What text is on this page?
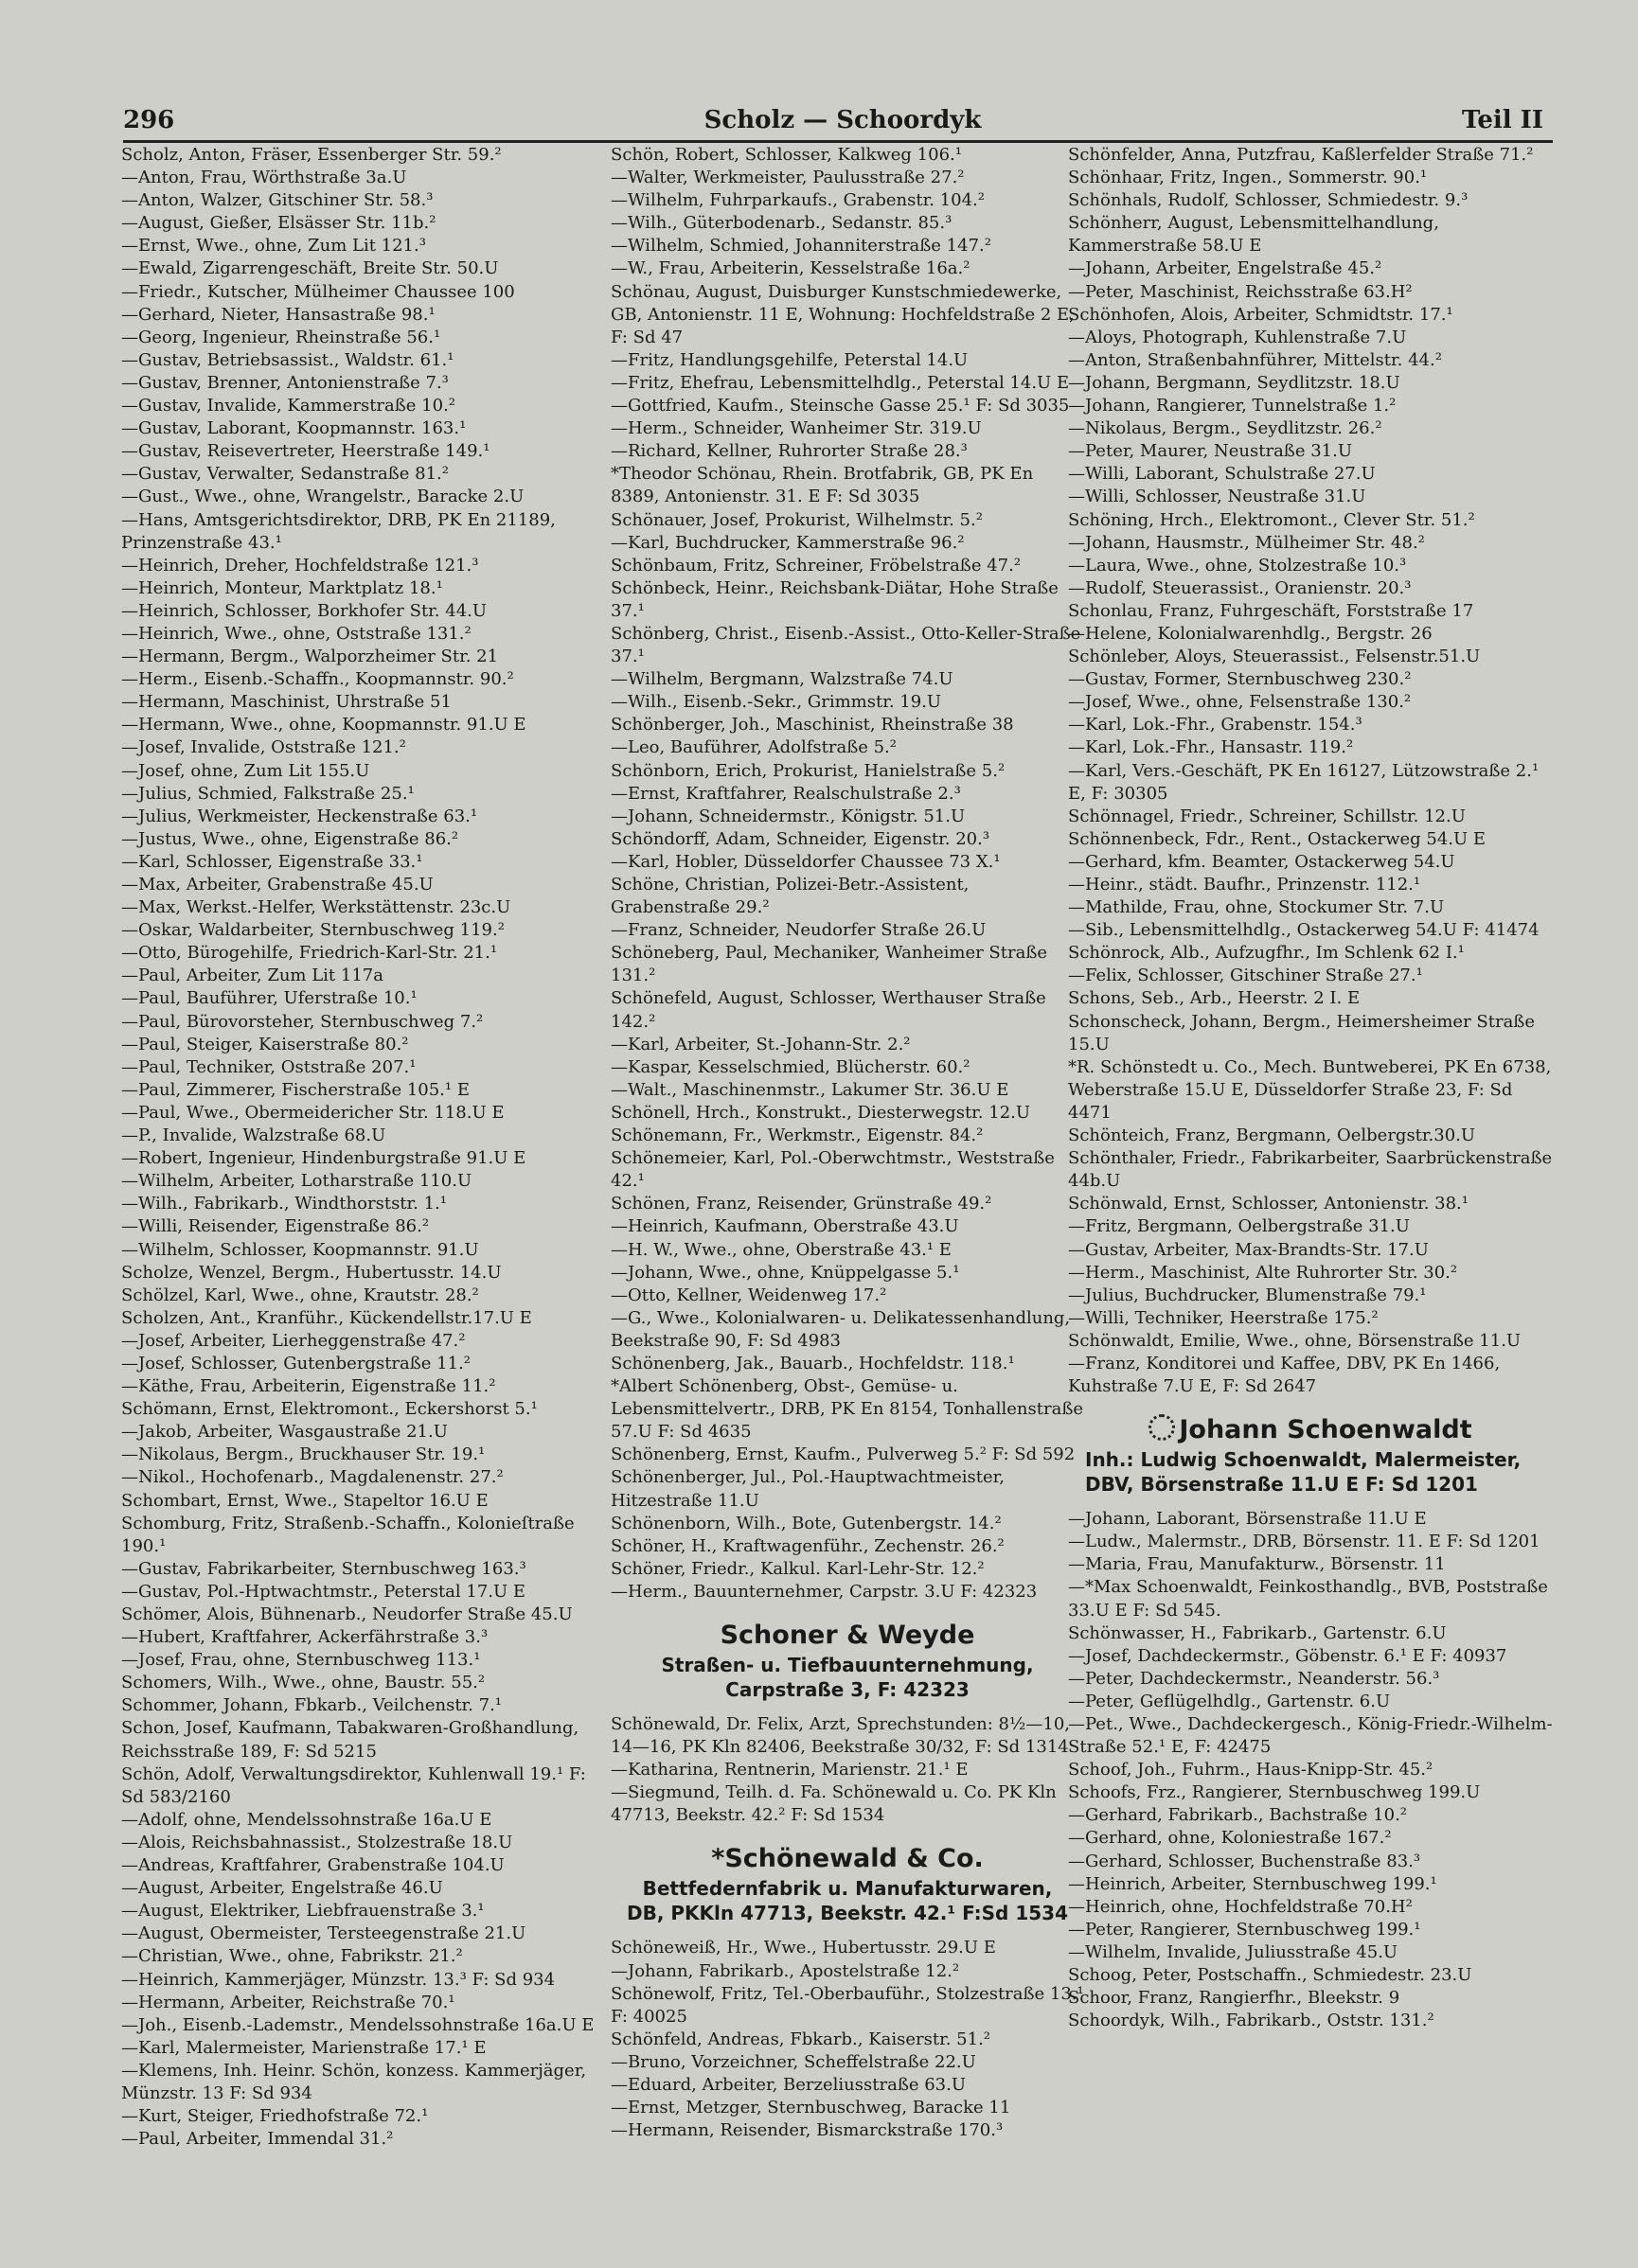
296	Scholz — Schoordyk	Teil II
Scholz, Anton, Fräser, Essenberger Str. 59.²
—Anton, Frau, Wörthstraße 3a.U
—Anton, Walzer, Gitschiner Str. 58.³
—August, Gießer, Elsässer Str. 11b.²
—Ernst, Wwe., ohne, Zum Lit 121.³
—Ewald, Zigarrengeschäft, Breite Str. 50.U
—Friedr., Kutscher, Mülheimer Chaussee 100
—Gerhard, Nieter, Hansastraße 98.¹
—Georg, Ingenieur, Rheinstraße 56.¹
—Gustav, Betriebsassist., Waldstr. 61.¹
—Gustav, Brenner, Antonienstraße 7.³
—Gustav, Invalide, Kammerstraße 10.²
—Gustav, Laborant, Koopmannstr. 163.¹
—Gustav, Reisevertreter, Heerstraße 149.¹
—Gustav, Verwalter, Sedanstraße 81.²
—Gust., Wwe., ohne, Wrangelstr., Baracke 2.U
—Hans, Amtsgerichtsdirektor, DRB, PK En 21189, Prinzenstraße 43.¹
—Heinrich, Dreher, Hochfeldstraße 121.³
—Heinrich, Monteur, Marktplatz 18.¹
—Heinrich, Schlosser, Borkhofer Str. 44.U
—Heinrich, Wwe., ohne, Oststraße 131.²
—Hermann, Bergm., Walporzheimer Str. 21
—Herm., Eisenb.-Schaffn., Koopmannstr. 90.²
—Hermann, Maschinist, Uhrstraße 51
—Hermann, Wwe., ohne, Koopmannstr. 91.U E
—Josef, Invalide, Oststraße 121.²
—Josef, ohne, Zum Lit 155.U
—Julius, Schmied, Falkstraße 25.¹
—Julius, Werkmeister, Heckenstraße 63.¹
—Justus, Wwe., ohne, Eigenstraße 86.²
—Karl, Schlosser, Eigenstraße 33.¹
—Max, Arbeiter, Grabenstraße 45.U
—Max, Werkst.-Helfer, Werkstättenstr. 23c.U
—Oskar, Waldarbeiter, Sternbuschweg 119.²
—Otto, Bürogehilfe, Friedrich-Karl-Str. 21.¹
—Paul, Arbeiter, Zum Lit 117a
—Paul, Bauführer, Uferstraße 10.¹
—Paul, Bürovorsteher, Sternbuschweg 7.²
—Paul, Steiger, Kaiserstraße 80.²
—Paul, Techniker, Oststraße 207.¹
—Paul, Zimmerer, Fischerstraße 105.¹ E
—Paul, Wwe., Obermeidericher Str. 118.U E
—P., Invalide, Walzstraße 68.U
—Robert, Ingenieur, Hindenburgstraße 91.U E
—Wilhelm, Arbeiter, Lotharstraße 110.U
—Wilh., Fabrikarb., Windthorststr. 1.¹
—Willi, Reisender, Eigenstraße 86.²
—Wilhelm, Schlosser, Koopmannstr. 91.U
Scholze, Wenzel, Bergm., Hubertusstr. 14.U
Schölzel, Karl, Wwe., ohne, Krautstr. 28.²
Scholzen, Ant., Kranführ., Kückendellstr.17.U E
—Josef, Arbeiter, Lierheggenstraße 47.²
—Josef, Schlosser, Gutenbergstraße 11.²
—Käthe, Frau, Arbeiterin, Eigenstraße 11.²
Schömann, Ernst, Elektromont., Eckershorst 5.¹
—Jakob, Arbeiter, Wasgaustraße 21.U
—Nikolaus, Bergm., Bruckhauser Str. 19.¹
—Nikol., Hochofenarb., Magdalenenstr. 27.²
Schombart, Ernst, Wwe., Stapeltor 16.U E
Schomburg, Fritz, Straßenb.-Schaffn., Kolonieſtraße 190.¹
—Gustav, Fabrikarbeiter, Sternbuschweg 163.³
—Gustav, Pol.-Hptwachtmstr., Peterstal 17.U E
Schömer, Alois, Bühnenarb., Neudorfer Straße 45.U
—Hubert, Kraftfahrer, Ackerfährstraße 3.³
—Josef, Frau, ohne, Sternbuschweg 113.¹
Schomers, Wilh., Wwe., ohne, Baustr. 55.²
Schommer, Johann, Fbkarb., Veilchenstr. 7.¹
Schon, Josef, Kaufmann, Tabakwaren-Großhandlung, Reichsstraße 189, F: Sd 5215
Schön, Adolf, Verwaltungsdirektor, Kuhlenwall 19.¹ F: Sd 583/2160
—Adolf, ohne, Mendelssohnstraße 16a.U E
—Alois, Reichsbahnassist., Stolzestraße 18.U
—Andreas, Kraftfahrer, Grabenstraße 104.U
—August, Arbeiter, Engelstraße 46.U
—August, Elektriker, Liebfrauenstraße 3.¹
—August, Obermeister, Tersteegenstraße 21.U
—Christian, Wwe., ohne, Fabrikstr. 21.²
—Heinrich, Kammerjäger, Münzstr. 13.³ F: Sd 934
—Hermann, Arbeiter, Reichstraße 70.¹
—Joh., Eisenb.-Lademstr., Mendelssohnstraße 16a.U E
—Karl, Malermeister, Marienstraße 17.¹ E
—Klemens, Inh. Heinr. Schön, konzess. Kammerjäger, Münzstr. 13 F: Sd 934
—Kurt, Steiger, Friedhofstraße 72.¹
—Paul, Arbeiter, Immendal 31.²
Schön, Robert, Schlosser, Kalkweg 106.¹
—Walter, Werkmeister, Paulusstraße 27.²
—Wilhelm, Fuhrparkaufs., Grabenstr. 104.²
—Wilh., Güterbodenarb., Sedanstr. 85.³
—Wilhelm, Schmied, Johanniterstraße 147.²
—W., Frau, Arbeiterin, Kesselstraße 16a.²
Schönau, August, Duisburger Kunstschmiedewerke, GB, Antonienstr. 11 E, Wohnung: Hochfeldstraße 2 E, F: Sd 47
—Fritz, Handlungsgehilfe, Peterstal 14.U
—Fritz, Ehefrau, Lebensmittelhdlg., Peterstal 14.U E
—Gottfried, Kaufm., Steinsche Gasse 25.¹ F: Sd 3035
—Herm., Schneider, Wanheimer Str. 319.U
—Richard, Kellner, Ruhrorter Straße 28.³
*Theodor Schönau, Rhein. Brotfabrik, GB, PK En 8389, Antonienstr. 31. E F: Sd 3035
Schönauer, Josef, Prokurist, Wilhelmstr. 5.²
—Karl, Buchdrucker, Kammerstraße 96.²
Schönbaum, Fritz, Schreiner, Fröbelstraße 47.²
Schönbeck, Heinr., Reichsbank-Diätar, Hohe Straße 37.¹
Schönberg, Christ., Eisenb.-Assist., Otto-Keller-Straße 37.¹
—Wilhelm, Bergmann, Walzstraße 74.U
—Wilh., Eisenb.-Sekr., Grimmstr. 19.U
Schönberger, Joh., Maschinist, Rheinstraße 38
—Leo, Bauführer, Adolfstraße 5.²
Schönborn, Erich, Prokurist, Hanielstraße 5.²
—Ernst, Kraftfahrer, Realschulstraße 2.³
—Johann, Schneidermstr., Königstr. 51.U
Schöndorff, Adam, Schneider, Eigenstr. 20.³
—Karl, Hobler, Düsseldorfer Chaussee 73 X.¹
Schöne, Christian, Polizei-Betr.-Assistent, Grabenstraße 29.²
—Franz, Schneider, Neudorfer Straße 26.U
Schöneberg, Paul, Mechaniker, Wanheimer Straße 131.²
Schönefeld, August, Schlosser, Werthauser Straße 142.²
—Karl, Arbeiter, St.-Johann-Str. 2.²
—Kaspar, Kesselschmied, Blücherstr. 60.²
—Walt., Maschinenmstr., Lakumer Str. 36.U E
Schönell, Hrch., Konstrukt., Diesterwegstr. 12.U
Schönemann, Fr., Werkmstr., Eigenstr. 84.²
Schönemeier, Karl, Pol.-Oberwchtmstr., Weststraße 42.¹
Schönen, Franz, Reisender, Grünstraße 49.²
—Heinrich, Kaufmann, Oberstraße 43.U
—H. W., Wwe., ohne, Oberstraße 43.¹ E
—Johann, Wwe., ohne, Knüppelgasse 5.¹
—Otto, Kellner, Weidenweg 17.²
—G., Wwe., Kolonialwaren- u. Delikatessenhandlung, Beekstraße 90, F: Sd 4983
Schönenberg, Jak., Bauarb., Hochfeldstr. 118.¹
*Albert Schönenberg, Obst-, Gemüse- u. Lebensmittelvertr., DRB, PK En 8154, Tonhallenstraße 57.U F: Sd 4635
Schönenberg, Ernst, Kaufm., Pulverweg 5.² F: Sd 592
Schönenberger, Jul., Pol.-Hauptwachtmeister, Hitzestraße 11.U
Schönenborn, Wilh., Bote, Gutenbergstr. 14.²
Schöner, H., Kraftwagenführ., Zechenstr. 26.²
Schöner, Friedr., Kalkul. Karl-Lehr-Str. 12.²
—Herm., Bauunternehmer, Carpstr. 3.U F: 42323
Schoner & Weyde
Straßen- u. Tiefbauunternehmung,
Carpstraße 3, F: 42323
Schönewald, Dr. Felix, Arzt, Sprechstunden: 8½—10, 14—16, PK Kln 82406, Beekstraße 30/32, F: Sd 1314
—Katharina, Rentnerin, Marienstr. 21.¹ E
—Siegmund, Teilh. d. Fa. Schönewald u. Co. PK Kln 47713, Beekstr. 42.² F: Sd 1534
*Schönewald & Co.
Bettfedernfabrik u. Manufakturwaren,
DB, PKKln 47713, Beekstr. 42.¹ F:Sd 1534
Schöneweiß, Hr., Wwe., Hubertusstr. 29.U E
—Johann, Fabrikarb., Apostelstraße 12.²
Schönewolf, Fritz, Tel.-Oberbauführ., Stolzestraße 13.¹ F: 40025
Schönfeld, Andreas, Fbkarb., Kaiserstr. 51.²
—Bruno, Vorzeichner, Scheffelstraße 22.U
—Eduard, Arbeiter, Berzeliusstraße 63.U
—Ernst, Metzger, Sternbuschweg, Baracke 11
—Hermann, Reisender, Bismarckstraße 170.³
Schönfelder, Anna, Putzfrau, Kaßlerfelder Straße 71.²
Schönhaar, Fritz, Ingen., Sommerstr. 90.¹
Schönhals, Rudolf, Schlosser, Schmiedestr. 9.³
Schönherr, August, Lebensmittelhandlung, Kammerstraße 58.U E
—Johann, Arbeiter, Engelstraße 45.²
—Peter, Maschinist, Reichsstraße 63.H²
Schönhofen, Alois, Arbeiter, Schmidtstr. 17.¹
—Aloys, Photograph, Kuhlenstraße 7.U
—Anton, Straßenbahnführer, Mittelstr. 44.²
—Johann, Bergmann, Seydlitzstr. 18.U
—Johann, Rangierer, Tunnelstraße 1.²
—Nikolaus, Bergm., Seydlitzstr. 26.²
—Peter, Maurer, Neustraße 31.U
—Willi, Laborant, Schulstraße 27.U
—Willi, Schlosser, Neustraße 31.U
Schöning, Hrch., Elektromont., Clever Str. 51.²
—Johann, Hausmstr., Mülheimer Str. 48.²
—Laura, Wwe., ohne, Stolzestraße 10.³
—Rudolf, Steuerassist., Oranienstr. 20.³
Schonlau, Franz, Fuhrgeschäft, Forststraße 17
—Helene, Kolonialwarenhdlg., Bergstr. 26
Schönleber, Aloys, Steuerassist., Felsenstr.51.U
—Gustav, Former, Sternbuschweg 230.²
—Josef, Wwe., ohne, Felsenstraße 130.²
—Karl, Lok.-Fhr., Grabenstr. 154.³
—Karl, Lok.-Fhr., Hansastr. 119.²
—Karl, Vers.-Geschäft, PK En 16127, Lützowstraße 2.¹ E, F: 30305
Schönnagel, Friedr., Schreiner, Schillstr. 12.U
Schönnenbeck, Fdr., Rent., Ostackerweg 54.U E
—Gerhard, kfm. Beamter, Ostackerweg 54.U
—Heinr., städt. Baufhr., Prinzenstr. 112.¹
—Mathilde, Frau, ohne, Stockumer Str. 7.U
—Sib., Lebensmittelhdlg., Ostackerweg 54.U F: 41474
Schönrock, Alb., Aufzugfhr., Im Schlenk 62 I.¹
—Felix, Schlosser, Gitschiner Straße 27.¹
Schons, Seb., Arb., Heerstr. 2 I. E
Schonscheck, Johann, Bergm., Heimersheimer Straße 15.U
*R. Schönstedt u. Co., Mech. Buntweberei, PK En 6738, Weberstraße 15.U E, Düsseldorfer Straße 23, F: Sd 4471
Schönteich, Franz, Bergmann, Oelbergstr.30.U
Schönthaler, Friedr., Fabrikarbeiter, Saarbrückenstraße 44b.U
Schönwald, Ernst, Schlosser, Antonienstr. 38.¹
—Fritz, Bergmann, Oelbergstraße 31.U
—Gustav, Arbeiter, Max-Brandts-Str. 17.U
—Herm., Maschinist, Alte Ruhrorter Str. 30.²
—Julius, Buchdrucker, Blumenstraße 79.¹
—Willi, Techniker, Heerstraße 175.²
Schönwaldt, Emilie, Wwe., ohne, Börsenstraße 11.U
—Franz, Konditorei und Kaffee, DBV, PK En 1466, Kuhstraße 7.U E, F: Sd 2647
Johann Schoenwaldt
Inh.: Ludwig Schoenwaldt, Malermeister,
DBV, Börsenstraße 11.U E F: Sd 1201
—Johann, Laborant, Börsenstraße 11.U E
—Ludw., Malermstr., DRB, Börsenstr. 11. E F: Sd 1201
—Maria, Frau, Manufakturw., Börsenstr. 11
—*Max Schoenwaldt, Feinkosthandlg., BVB, Poststraße 33.U E F: Sd 545.
Schönwasser, H., Fabrikarb., Gartenstr. 6.U
—Josef, Dachdeckermstr., Göbenstr. 6.¹ E F: 40937
—Peter, Dachdeckermstr., Neanderstr. 56.³
—Peter, Geflügelhdlg., Gartenstr. 6.U
—Pet., Wwe., Dachdeckergesch., König-Friedr.-Wilhelm-Straße 52.¹ E, F: 42475
Schoof, Joh., Fuhrm., Haus-Knipp-Str. 45.²
Schoofs, Frz., Rangierer, Sternbuschweg 199.U
—Gerhard, Fabrikarb., Bachstraße 10.²
—Gerhard, ohne, Koloniestraße 167.²
—Gerhard, Schlosser, Buchenstraße 83.³
—Heinrich, Arbeiter, Sternbuschweg 199.¹
—Heinrich, ohne, Hochfeldstraße 70.H²
—Peter, Rangierer, Sternbuschweg 199.¹
—Wilhelm, Invalide, Juliusstraße 45.U
Schoog, Peter, Postschaffn., Schmiedestr. 23.U
Schoor, Franz, Rangierfhr., Bleekstr. 9
Schoordyk, Wilh., Fabrikarb., Oststr. 131.²
